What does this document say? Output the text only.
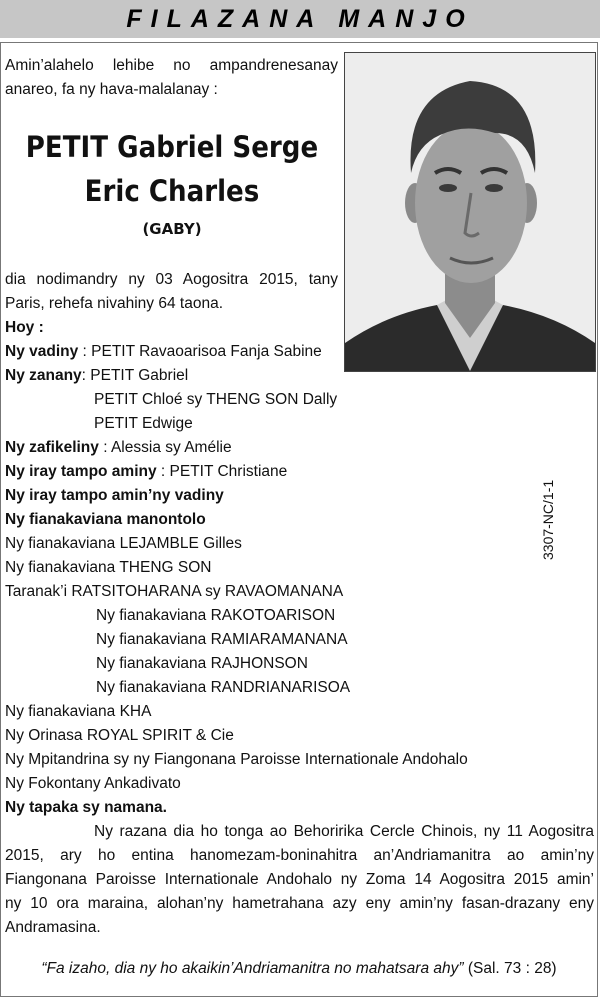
FILAZANA MANJO
Amin’alahelo lehibe no ampandrenesanay
anareo, fa ny hava-malalanay :
PETIT Gabriel Serge
Eric Charles
(GABY)
dia nodimandry ny 03 Aogositra 2015, tany
Paris, rehefa nivahiny 64 taona.
Hoy :
Ny vadiny : PETIT Ravaoarisoa Fanja Sabine
Ny zanany: PETIT Gabriel
PETIT Chloé sy THENG SON Dally
PETIT Edwige
Ny zafikeliny : Alessia sy Amélie
Ny iray tampo aminy : PETIT Christiane
Ny iray tampo amin’ny vadiny
Ny fianakaviana manontolo
Ny fianakaviana LEJAMBLE Gilles
Ny fianakaviana THENG SON
Taranak’i RATSITOHARANA sy RAVAOMANANA
Ny fianakaviana RAKOTOARISON
Ny fianakaviana RAMIARAMANANA
Ny fianakaviana RAJHONSON
Ny fianakaviana RANDRIANARISOA
Ny fianakaviana KHA
Ny Orinasa ROYAL SPIRIT & Cie
Ny Mpitandrina sy ny Fiangonana Paroisse Internationale Andohalo
Ny Fokontany Ankadivato
Ny tapaka sy namana.
Ny razana dia ho tonga ao Behoririka Cercle Chinois, ny 11 Aogositra
2015, ary ho entina hanomezam-boninahitra an’Andriamanitra ao amin’ny
Fiangonana Paroisse Internationale Andohalo ny Zoma 14 Aogositra 2015 amin’
ny 10 ora maraina, alohan’ny hametrahana azy eny amin’ny fasan-drazany eny
Andramasina.
“Fa izaho, dia ny ho akaikin’Andriamanitra no mahatsara ahy” (Sal. 73 : 28)
3307-NC/1-1
